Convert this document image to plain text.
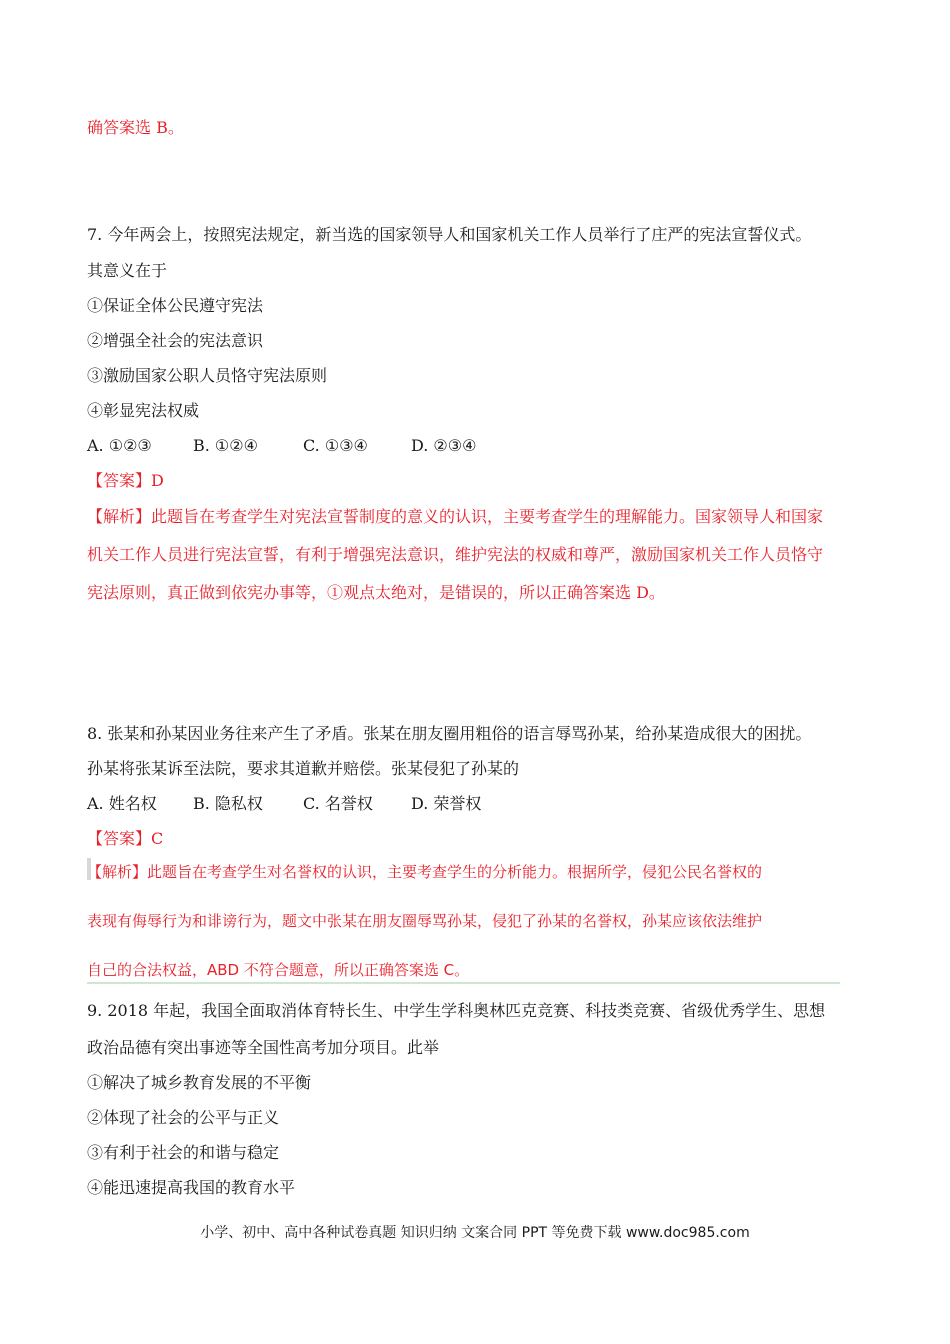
确答案选 B。
7. 今年两会上，按照宪法规定，新当选的国家领导人和国家机关工作人员举行了庄严的宪法宣誓仪式。
其意义在于
①保证全体公民遵守宪法
②增强全社会的宪法意识
③激励国家公职人员恪守宪法原则
④彰显宪法权威
A. ①②③	B. ①②④	C. ①③④	D. ②③④
【答案】D
【解析】此题旨在考查学生对宪法宣誓制度的意义的认识，主要考查学生的理解能力。国家领导人和国家
机关工作人员进行宪法宣誓，有利于增强宪法意识，维护宪法的权威和尊严，激励国家机关工作人员恪守
宪法原则，真正做到依宪办事等，①观点太绝对，是错误的，所以正确答案选 D。
8. 张某和孙某因业务往来产生了矛盾。张某在朋友圈用粗俗的语言辱骂孙某，给孙某造成很大的困扰。
孙某将张某诉至法院，要求其道歉并赔偿。张某侵犯了孙某的
A. 姓名权 B. 隐私权	C. 名誉权 D. 荣誉权
【答案】C
【解析】此题旨在考查学生对名誉权的认识，主要考查学生的分析能力。根据所学，侵犯公民名誉权的
表现有侮辱行为和诽谤行为，题文中张某在朋友圈辱骂孙某，侵犯了孙某的名誉权，孙某应该依法维护
自己的合法权益，ABD 不符合题意，所以正确答案选 C。
9. 2018 年起，我国全面取消体育特长生、中学生学科奥林匹克竞赛、科技类竞赛、省级优秀学生、思想
政治品德有突出事迹等全国性高考加分项目。此举
①解决了城乡教育发展的不平衡
②体现了社会的公平与正义
③有利于社会的和谐与稳定
④能迅速提高我国的教育水平
小学、初中、高中各种试卷真题 知识归纳 文案合同 PPT 等免费下载 www.doc985.com
